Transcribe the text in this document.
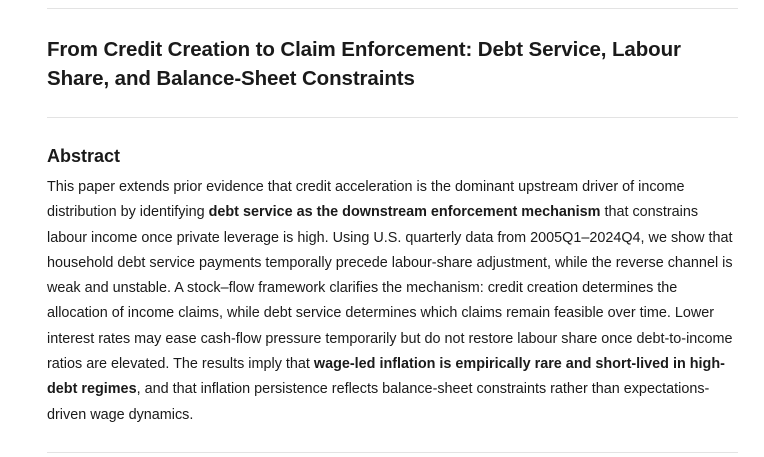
From Credit Creation to Claim Enforcement: Debt Service, Labour Share, and Balance-Sheet Constraints
Abstract

This paper extends prior evidence that credit acceleration is the dominant upstream driver of income distribution by identifying debt service as the downstream enforcement mechanism that constrains labour income once private leverage is high. Using U.S. quarterly data from 2005Q1–2024Q4, we show that household debt service payments temporally precede labour-share adjustment, while the reverse channel is weak and unstable. A stock–flow framework clarifies the mechanism: credit creation determines the allocation of income claims, while debt service determines which claims remain feasible over time. Lower interest rates may ease cash-flow pressure temporarily but do not restore labour share once debt-to-income ratios are elevated. The results imply that wage-led inflation is empirically rare and short-lived in high-debt regimes, and that inflation persistence reflects balance-sheet constraints rather than expectations-driven wage dynamics.
